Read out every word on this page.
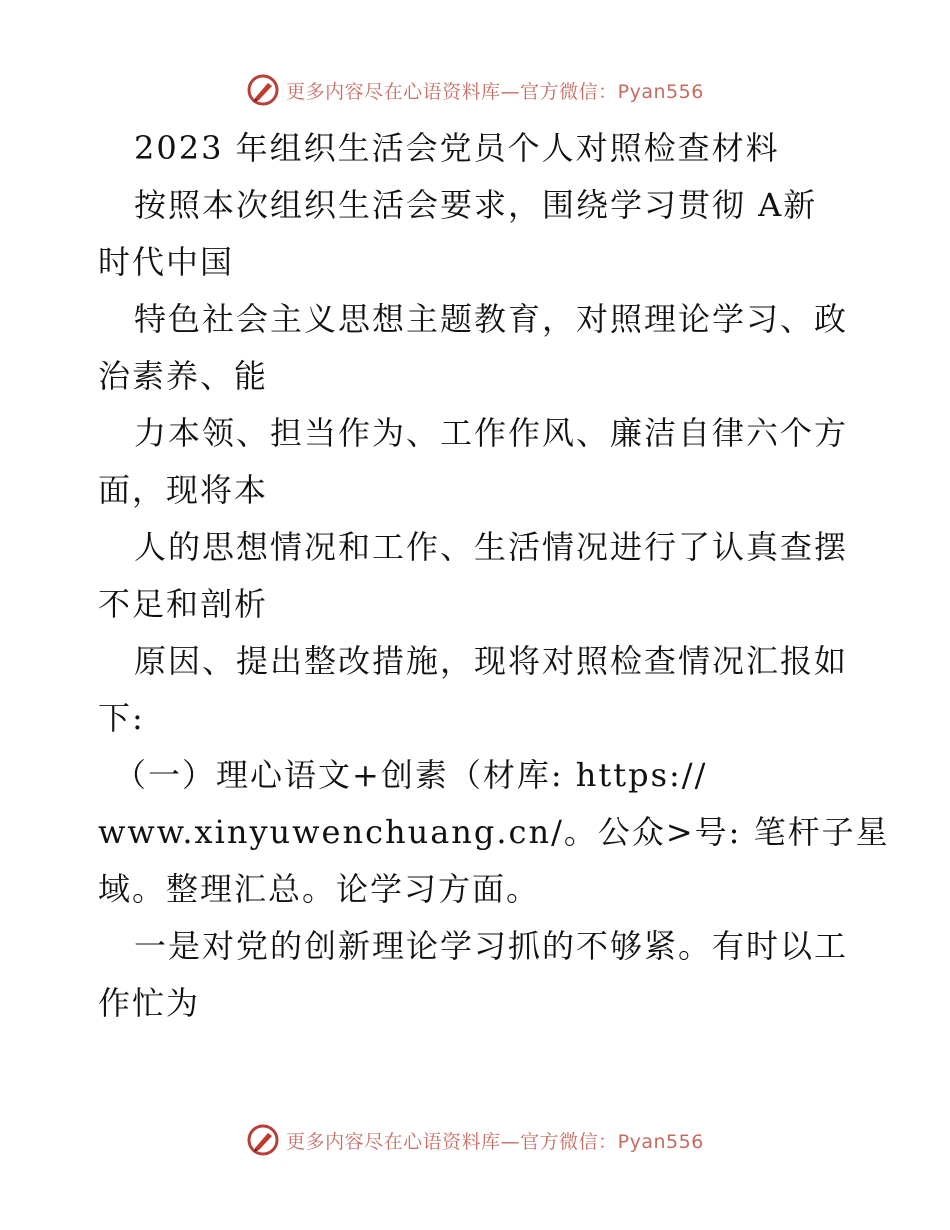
更多内容尽在心语资料库—官方微信：Pyan556
2023 年组织生活会党员个人对照检查材料
按照本次组织生活会要求，围绕学习贯彻 A新
时代中国
特色社会主义思想主题教育，对照理论学习、政
治素养、能
力本领、担当作为、工作作风、廉洁自律六个方
面，现将本
人的思想情况和工作、生活情况进行了认真查摆
不足和剖析
原因、提出整改措施，现将对照检查情况汇报如
下:
（一）理心语文+创素（材库: https://
www.xinyuwenchuang.cn/。公众>号: 笔杆子星
域。整理汇总。论学习方面。
一是对党的创新理论学习抓的不够紧。有时以工
作忙为
更多内容尽在心语资料库—官方微信：Pyan556
